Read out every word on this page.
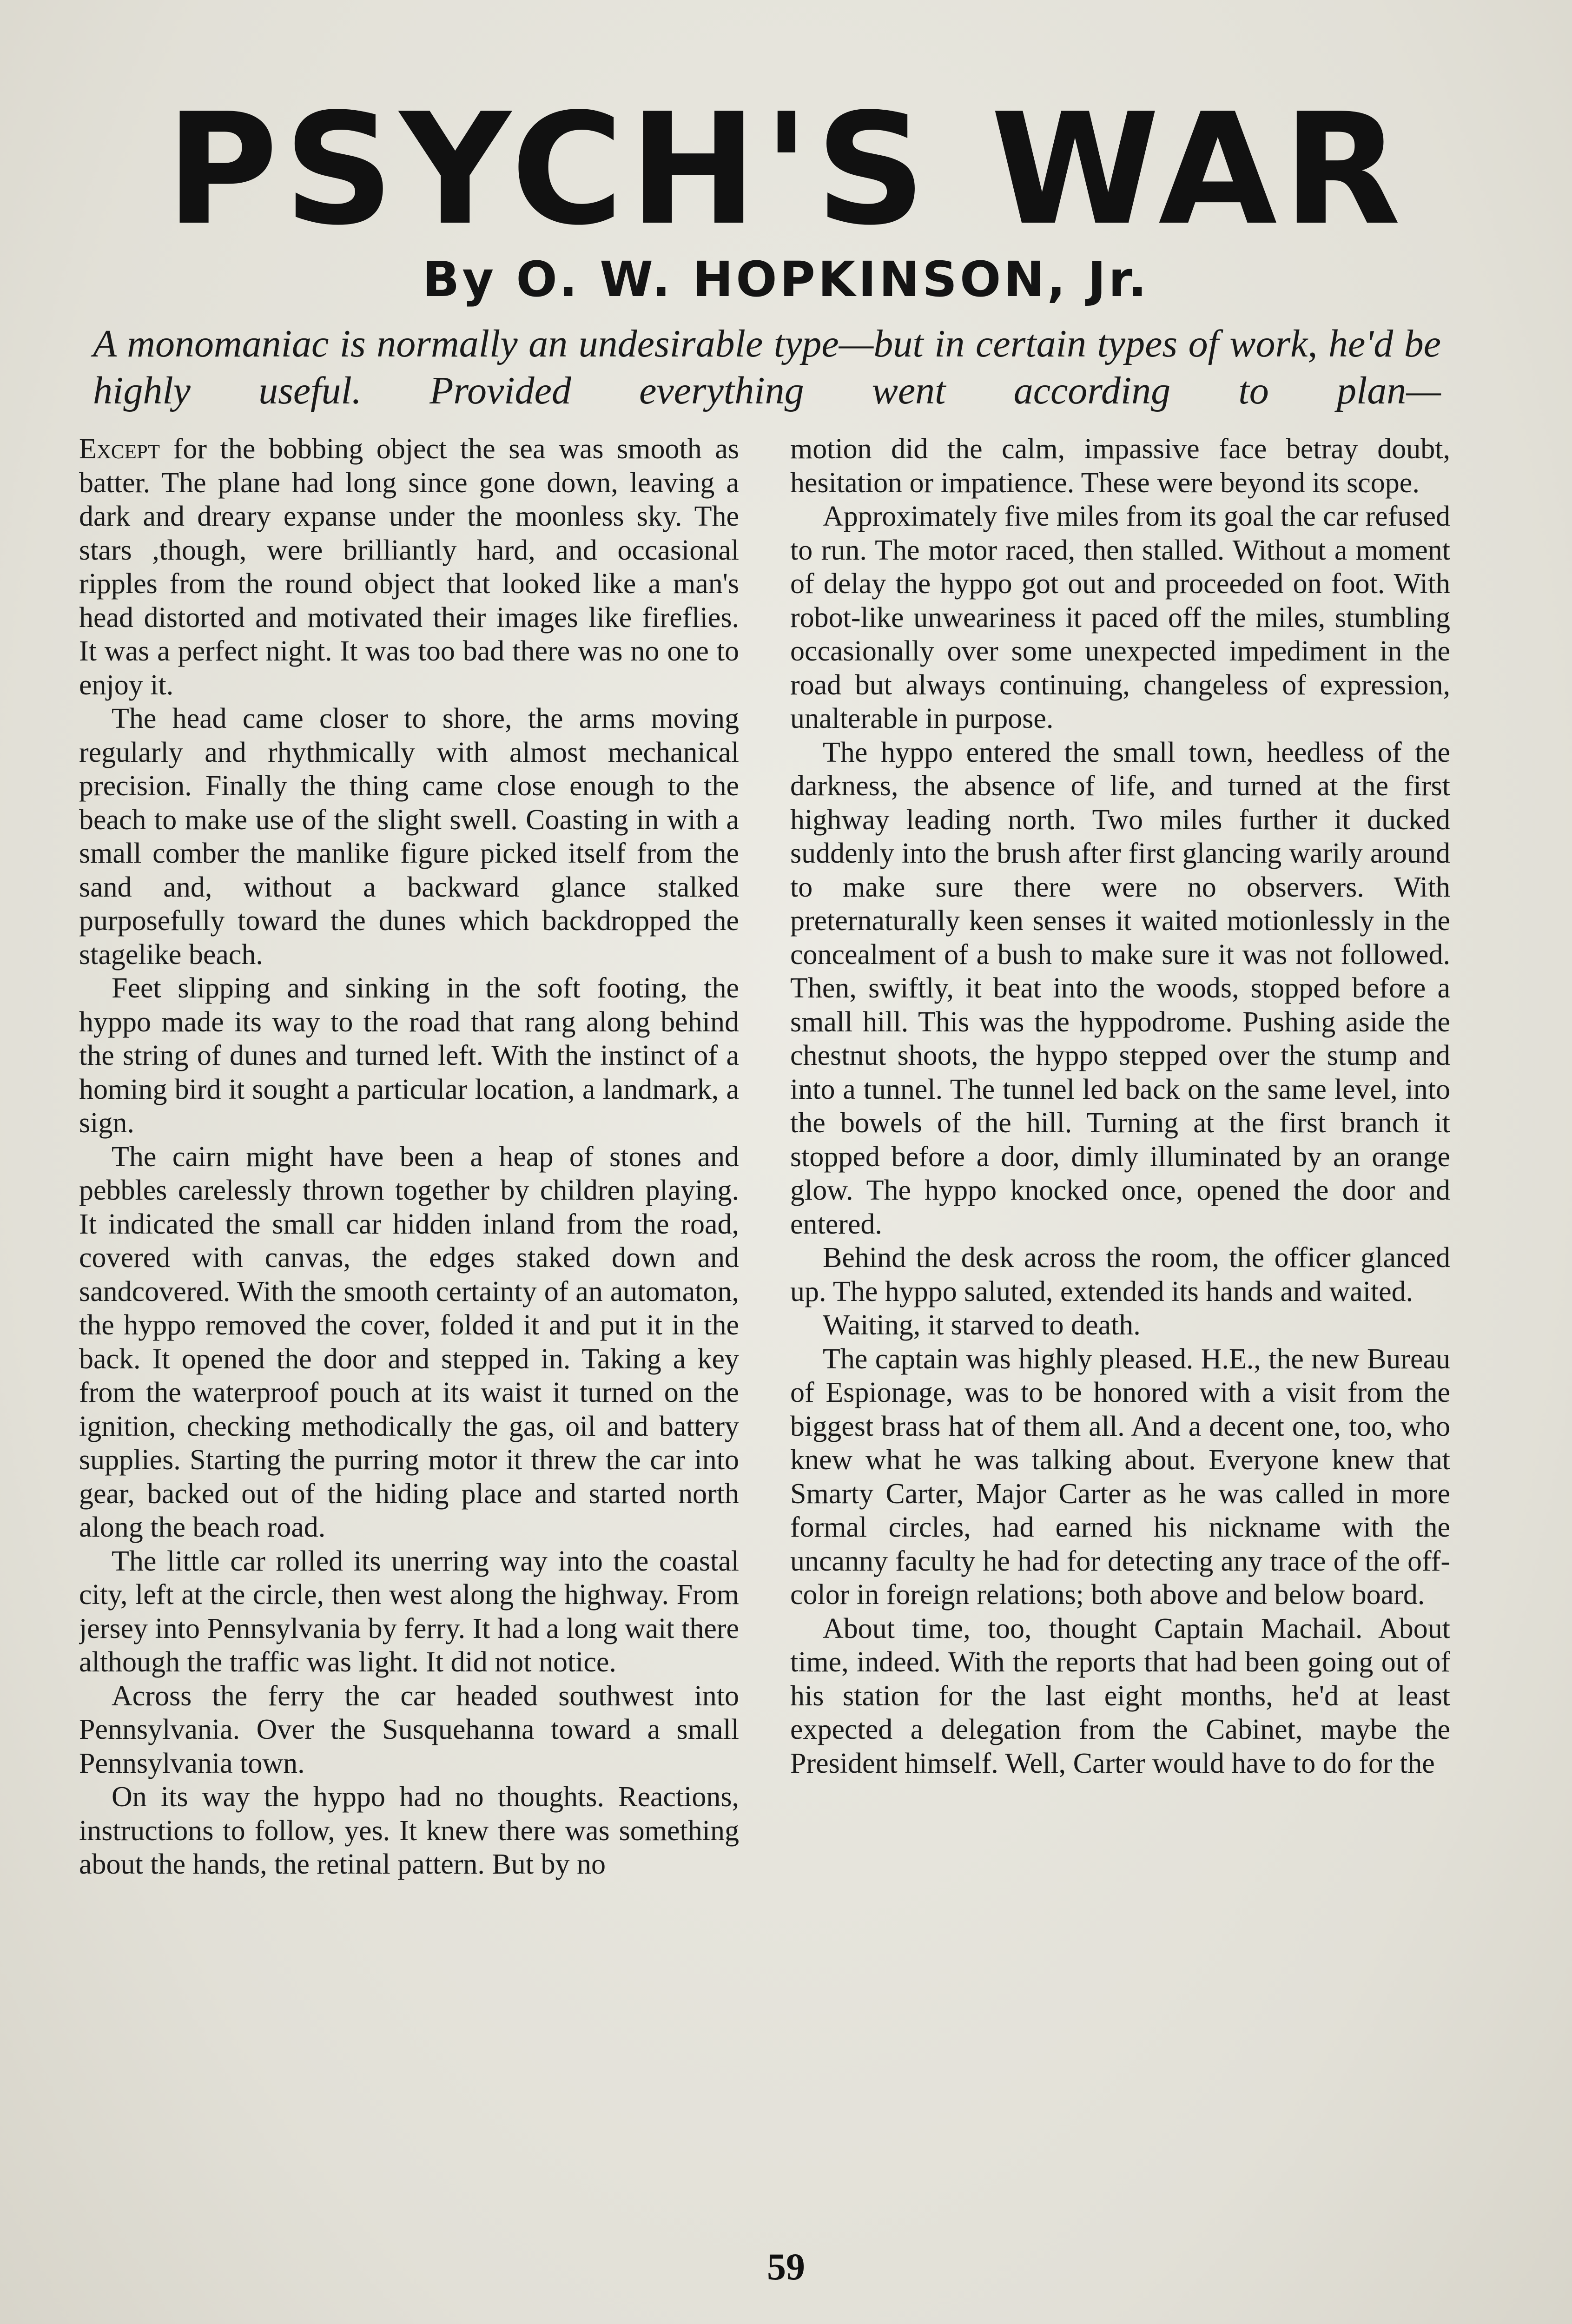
PSYCH'S WAR
By O. W. HOPKINSON, Jr.
A monomaniac is normally an undesirable type—but in certain types of work, he'd be highly useful. Provided everything went according to plan—

Except for the bobbing object the sea was smooth as batter. The plane had long since gone down, leaving a dark and dreary expanse under the moonless sky. The stars ,though, were brilliantly hard, and occasional ripples from the round object that looked like a man's head distorted and motivated their images like fireflies. It was a perfect night. It was too bad there was no one to enjoy it.

The head came closer to shore, the arms moving regularly and rhythmically with almost mechanical precision. Finally the thing came close enough to the beach to make use of the slight swell. Coasting in with a small comber the manlike figure picked itself from the sand and, without a backward glance stalked purposefully toward the dunes which backdropped the stagelike beach.

Feet slipping and sinking in the soft footing, the hyppo made its way to the road that rang along behind the string of dunes and turned left. With the instinct of a homing bird it sought a particular location, a landmark, a sign.

The cairn might have been a heap of stones and pebbles carelessly thrown together by children playing. It indicated the small car hidden inland from the road, covered with canvas, the edges staked down and sandcovered. With the smooth certainty of an automaton, the hyppo removed the cover, folded it and put it in the back. It opened the door and stepped in. Taking a key from the waterproof pouch at its waist it turned on the ignition, checking methodically the gas, oil and battery supplies. Starting the purring motor it threw the car into gear, backed out of the hiding place and started north along the beach road.

The little car rolled its unerring way into the coastal city, left at the circle, then west along the highway. From jersey into Pennsylvania by ferry. It had a long wait there although the traffic was light. It did not notice.

Across the ferry the car headed southwest into Pennsylvania. Over the Susquehanna toward a small Pennsylvania town.

On its way the hyppo had no thoughts. Reactions, instructions to follow, yes. It knew there was something about the hands, the retinal pattern. But by no

motion did the calm, impassive face betray doubt, hesitation or impatience. These were beyond its scope.

Approximately five miles from its goal the car refused to run. The motor raced, then stalled. Without a moment of delay the hyppo got out and proceeded on foot. With robot-like unweariness it paced off the miles, stumbling occasionally over some unexpected impediment in the road but always continuing, changeless of expression, unalterable in purpose.

The hyppo entered the small town, heedless of the darkness, the absence of life, and turned at the first highway leading north. Two miles further it ducked suddenly into the brush after first glancing warily around to make sure there were no observers. With preternaturally keen senses it waited motionlessly in the concealment of a bush to make sure it was not followed. Then, swiftly, it beat into the woods, stopped before a small hill. This was the hyppodrome. Pushing aside the chestnut shoots, the hyppo stepped over the stump and into a tunnel. The tunnel led back on the same level, into the bowels of the hill. Turning at the first branch it stopped before a door, dimly illuminated by an orange glow. The hyppo knocked once, opened the door and entered.

Behind the desk across the room, the officer glanced up. The hyppo saluted, extended its hands and waited.

Waiting, it starved to death.

The captain was highly pleased. H.E., the new Bureau of Espionage, was to be honored with a visit from the biggest brass hat of them all. And a decent one, too, who knew what he was talking about. Everyone knew that Smarty Carter, Major Carter as he was called in more formal circles, had earned his nickname with the uncanny faculty he had for detecting any trace of the off-color in foreign relations; both above and below board.

About time, too, thought Captain Machail. About time, indeed. With the reports that had been going out of his station for the last eight months, he'd at least expected a delegation from the Cabinet, maybe the President himself. Well, Carter would have to do for the

59
